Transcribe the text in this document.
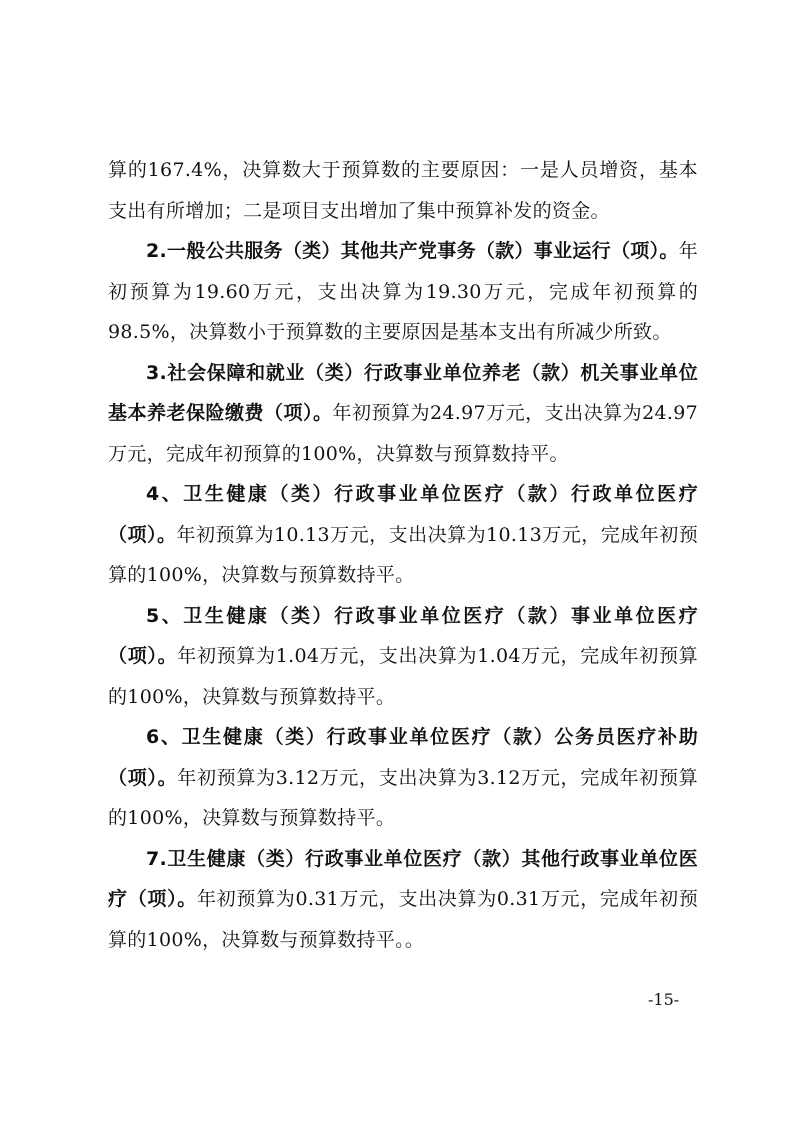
算的167.4%，决算数大于预算数的主要原因：一是人员增资，基本支出有所增加；二是项目支出增加了集中预算补发的资金。

2.一般公共服务（类）其他共产党事务（款）事业运行（项）。年初预算为19.60万元，支出决算为19.30万元，完成年初预算的98.5%，决算数小于预算数的主要原因是基本支出有所减少所致。

3.社会保障和就业（类）行政事业单位养老（款）机关事业单位基本养老保险缴费（项）。年初预算为24.97万元，支出决算为24.97万元，完成年初预算的100%，决算数与预算数持平。

4、卫生健康（类）行政事业单位医疗（款）行政单位医疗（项）。年初预算为10.13万元，支出决算为10.13万元，完成年初预算的100%，决算数与预算数持平。

5、卫生健康（类）行政事业单位医疗（款）事业单位医疗（项）。年初预算为1.04万元，支出决算为1.04万元，完成年初预算的100%，决算数与预算数持平。

6、卫生健康（类）行政事业单位医疗（款）公务员医疗补助（项）。年初预算为3.12万元，支出决算为3.12万元，完成年初预算的100%，决算数与预算数持平。

7.卫生健康（类）行政事业单位医疗（款）其他行政事业单位医疗（项）。年初预算为0.31万元，支出决算为0.31万元，完成年初预算的100%，决算数与预算数持平。。

-15-
